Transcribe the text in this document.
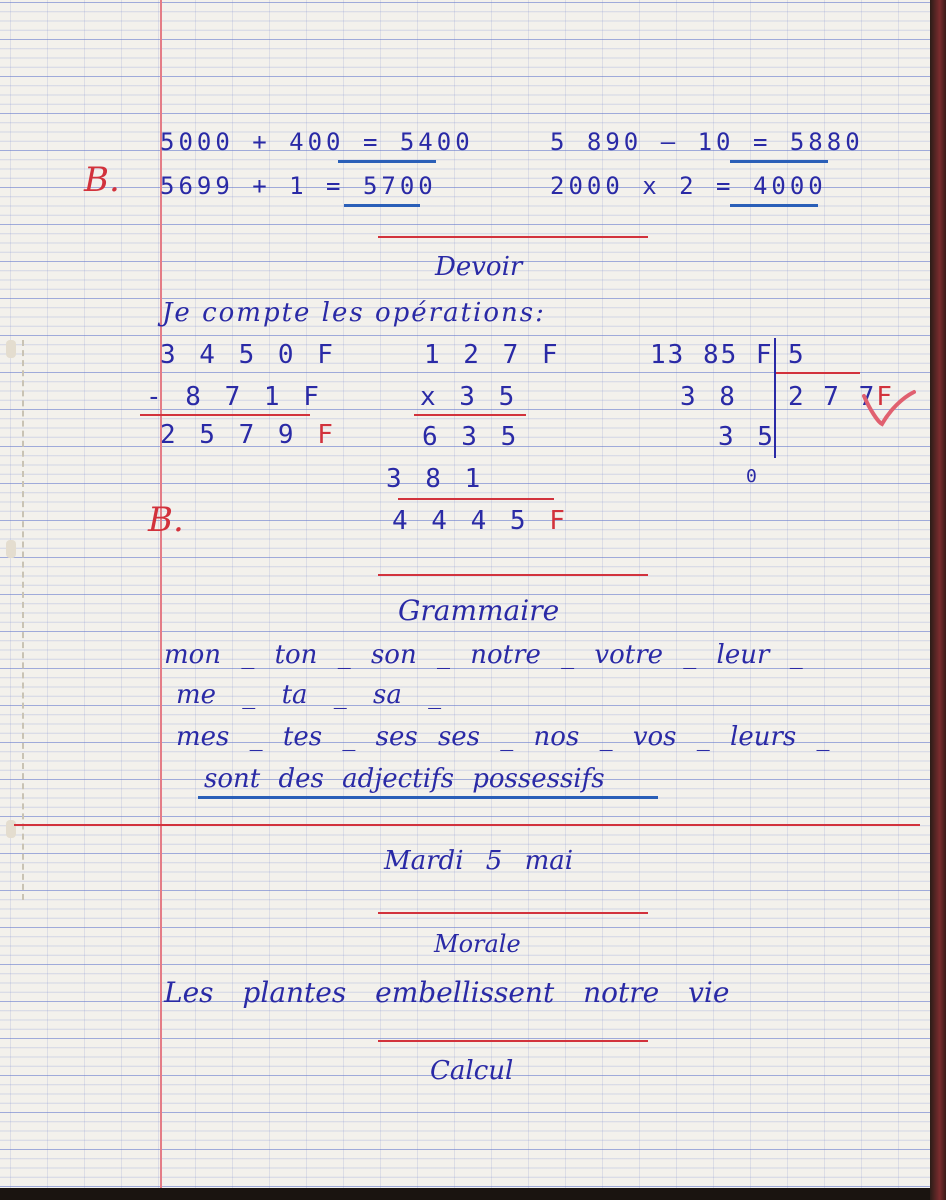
5000 + 400 = 5400
B. 5699 + 1 = 5700
5 890 – 10 = 5880
2000 x 2 = 4000
Devoir
Je compte les opérations:
3 4 5 0 F
- 8 7 1 F
2 5 7 9 F
1 2 7 F
x 3 5
6 3 5
3 8 1
4 4 4 5 F
13 85 F 5
2 7 7F
3 8
3 5
0
B.
Grammaire
mon _ ton _ son _ notre _ votre _ leur _
me _ ta _ sa _
mes _ tes _ ses ses _ nos _ vos _ leurs _
sont des adjectifs possessifs
Mardi 5 mai
Morale
Les plantes embellissent notre vie
Calcul
